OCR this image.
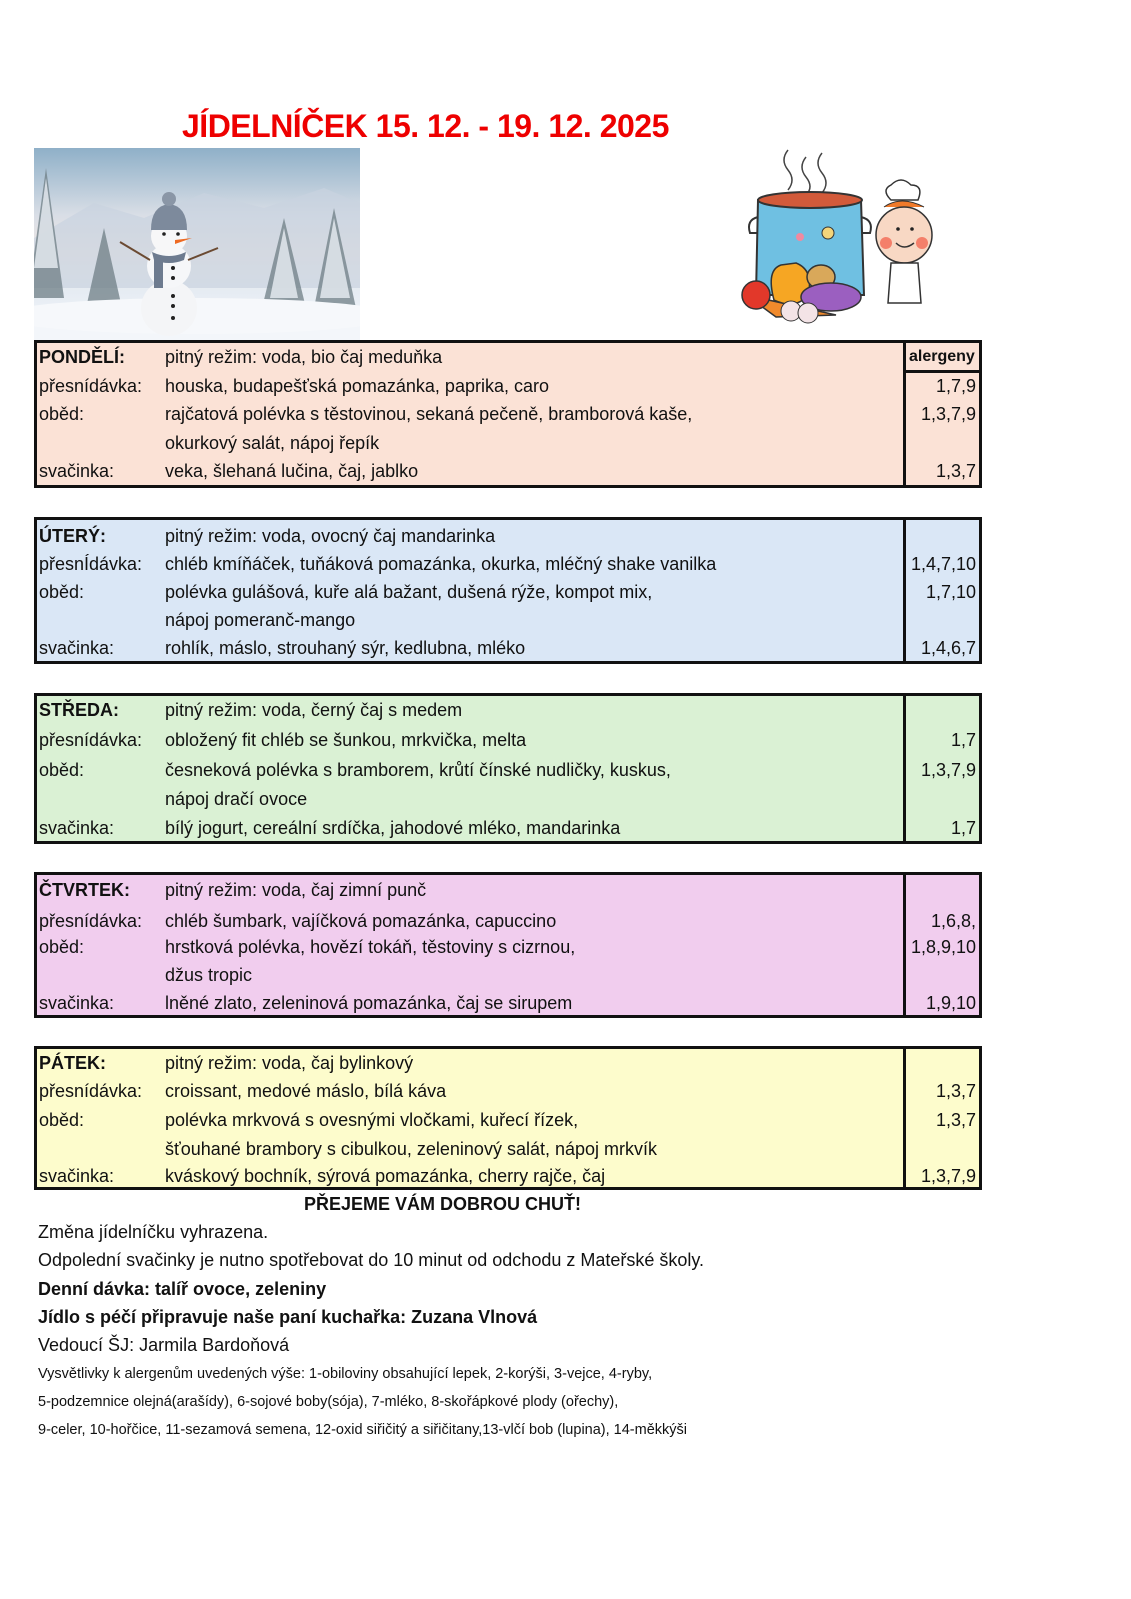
JÍDELNÍČEK 15. 12. - 19. 12. 2025
alergeny
PONDĚLÍ: pitný režim: voda, bio čaj meduňka
přesnídávka: houska, budapešťská pomazánka, paprika, caro	1,7,9
oběd:	rajčatová polévka s těstovinou, sekaná pečeně, bramborová kaše,	1,3,7,9
okurkový salát, nápoj řepík
svačinka:	veka, šlehaná lučina, čaj, jablko	1,3,7
ÚTERÝ:	pitný režim: voda, ovocný čaj mandarinka
přesnÍdávka: chléb kmíňáček, tuňáková pomazánka, okurka, mléčný shake vanilka	1,4,7,10
oběd:	polévka gulášová, kuře alá bažant, dušená rýže, kompot mix,	1,7,10
nápoj pomeranč-mango
svačinka:	rohlík, máslo, strouhaný sýr, kedlubna, mléko	1,4,6,7
STŘEDA:	pitný režim: voda, černý čaj s medem
přesnídávka: obložený fit chléb se šunkou, mrkvička, melta	1,7
oběd:	česneková polévka s bramborem, krůtí čínské nudličky, kuskus,	1,3,7,9
nápoj dračí ovoce
svačinka:	bílý jogurt, cereální srdíčka, jahodové mléko, mandarinka	1,7
ČTVRTEK: pitný režim: voda, čaj zimní punč
přesnídávka: chléb šumbark, vajíčková pomazánka, capuccino	1,6,8,
oběd:	hrstková polévka, hovězí tokáň, těstoviny s cizrnou,	1,8,9,10
džus tropic
svačinka:	lněné zlato, zeleninová pomazánka, čaj se sirupem	1,9,10
PÁTEK:	pitný režim: voda, čaj bylinkový
přesnídávka: croissant, medové máslo, bílá káva	1,3,7
oběd:	polévka mrkvová s ovesnými vločkami, kuřecí řízek,	1,3,7
šťouhané brambory s cibulkou, zeleninový salát, nápoj mrkvík
svačinka:	kváskový bochník, sýrová pomazánka, cherry rajče, čaj	1,3,7,9
PŘEJEME VÁM DOBROU CHUŤ!
Změna jídelníčku vyhrazena.
Odpolední svačinky je nutno spotřebovat do 10 minut od odchodu z Mateřské školy.
Denní dávka: talíř ovoce, zeleniny
Jídlo s péčí připravuje naše paní kuchařka: Zuzana Vlnová
Vedoucí ŠJ: Jarmila Bardoňová
Vysvětlivky k alergenům uvedených výše: 1-obiloviny obsahující lepek, 2-korýši, 3-vejce, 4-ryby,
5-podzemnice olejná(arašídy), 6-sojové boby(sója), 7-mléko, 8-skořápkové plody (ořechy),
9-celer, 10-hořčice, 11-sezamová semena, 12-oxid siřičitý a siřičitany,13-vlčí bob (lupina), 14-měkkýši
